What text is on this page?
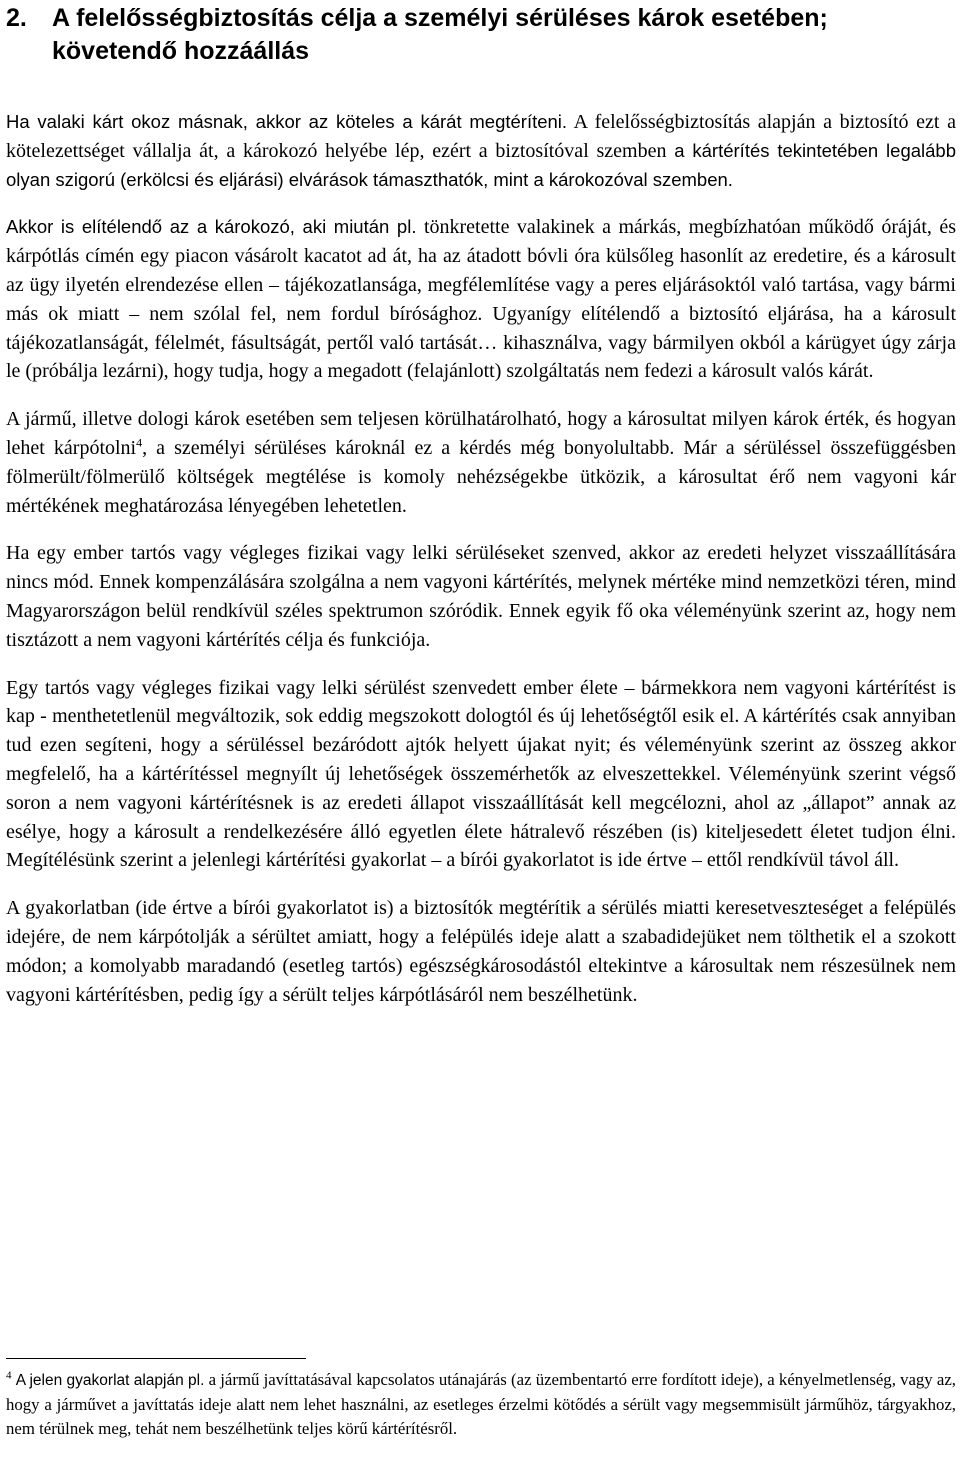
2.	A felelősségbiztosítás célja a személyi sérüléses károk esetében; követendő hozzáállás

Ha valaki kárt okoz másnak, akkor az köteles a kárát megtéríteni. A felelősségbiztosítás alapján a biztosító ezt a kötelezettséget vállalja át, a károkozó helyébe lép, ezért a biztosítóval szemben a kártérítés tekintetében legalább olyan szigorú (erkölcsi és eljárási) elvárások támaszthatók, mint a károkozóval szemben.

Akkor is elítélendő az a károkozó, aki miután pl. tönkretette valakinek a márkás, megbízhatóan működő óráját, és kárpótlás címén egy piacon vásárolt kacatot ad át, ha az átadott bóvli óra külsőleg hasonlít az eredetire, és a károsult az ügy ilyetén elrendezése ellen – tájékozatlansága, megfélemlítése vagy a peres eljárásoktól való tartása, vagy bármi más ok miatt – nem szólal fel, nem fordul bírósághoz. Ugyanígy elítélendő a biztosító eljárása, ha a károsult tájékozatlanságát, félelmét, fásultságát, pertől való tartását… kihasználva, vagy bármilyen okból a kárügyet úgy zárja le (próbálja lezárni), hogy tudja, hogy a megadott (felajánlott) szolgáltatás nem fedezi a károsult valós kárát.

A jármű, illetve dologi károk esetében sem teljesen körülhatárolható, hogy a károsultat milyen károk érték, és hogyan lehet kárpótolni$^4$, a személyi sérüléses károknál ez a kérdés még bonyolultabb. Már a sérüléssel összefüggésben fölmerült/fölmerülő költségek megtélése is komoly nehézségekbe ütközik, a károsultat érő nem vagyoni kár mértékének meghatározása lényegében lehetetlen.

Ha egy ember tartós vagy végleges fizikai vagy lelki sérüléseket szenved, akkor az eredeti helyzet visszaállítására nincs mód. Ennek kompenzálására szolgálna a nem vagyoni kártérítés, melynek mértéke mind nemzetközi téren, mind Magyarországon belül rendkívül széles spektrumon szóródik. Ennek egyik fő oka véleményünk szerint az, hogy nem tisztázott a nem vagyoni kártérítés célja és funkciója.

Egy tartós vagy végleges fizikai vagy lelki sérülést szenvedett ember élete – bármekkora nem vagyoni kártérítést is kap - menthetetlenül megváltozik, sok eddig megszokott dologtól és új lehetőségtől esik el. A kártérítés csak annyiban tud ezen segíteni, hogy a sérüléssel bezáródott ajtók helyett újakat nyit; és véleményünk szerint az összeg akkor megfelelő, ha a kártérítéssel megnyílt új lehetőségek összemérhetők az elveszettekkel. Véleményünk szerint végső soron a nem vagyoni kártérítésnek is az eredeti állapot visszaállítását kell megcélozni, ahol az „állapot” annak az esélye, hogy a károsult a rendelkezésére álló egyetlen élete hátralevő részében (is) kiteljesedett életet tudjon élni. Megítélésünk szerint a jelenlegi kártérítési gyakorlat – a bírói gyakorlatot is ide értve – ettől rendkívül távol áll.

A gyakorlatban (ide értve a bírói gyakorlatot is) a biztosítók megtérítik a sérülés miatti keresetveszteséget a felépülés idejére, de nem kárpótolják a sérültet amiatt, hogy a felépülés ideje alatt a szabadidejüket nem tölthetik el a szokott módon; a komolyabb maradandó (esetleg tartós) egészségkárosodástól eltekintve a károsultak nem részesülnek nem vagyoni kártérítésben, pedig így a sérült teljes kárpótlásáról nem beszélhetünk.

$^4$ A jelen gyakorlat alapján pl. a jármű javíttatásával kapcsolatos utánajárás (az üzembentartó erre fordított ideje), a kényelmetlenség, vagy az, hogy a járművet a javíttatás ideje alatt nem lehet használni, az esetleges érzelmi kötődés a sérült vagy megsemmisült járműhöz, tárgyakhoz, nem térülnek meg, tehát nem beszélhetünk teljes körű kártérítésről.
